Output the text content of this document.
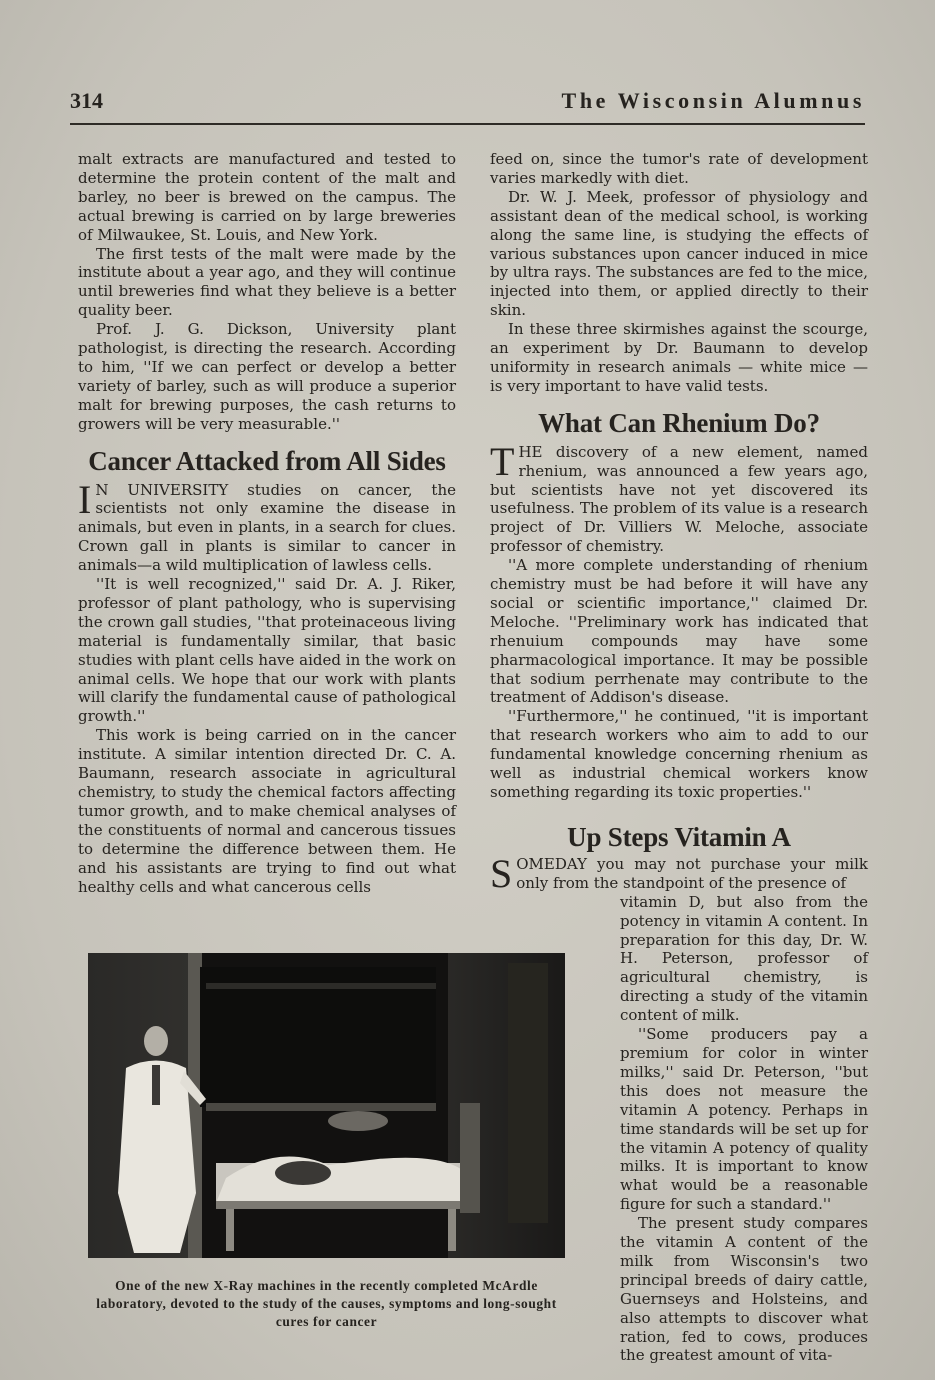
314	The Wisconsin Alumnus

malt extracts are manufactured and tested to determine the protein content of the malt and barley, no beer is brewed on the campus. The actual brewing is carried on by large breweries of Milwaukee, St. Louis, and New York.

The first tests of the malt were made by the institute about a year ago, and they will continue until breweries find what they believe is a better quality beer.

Prof. J. G. Dickson, University plant pathologist, is directing the research. According to him, ''If we can perfect or develop a better variety of barley, such as will produce a superior malt for brewing purposes, the cash returns to growers will be very measurable.''

Cancer Attacked from All Sides

I N UNIVERSITY studies on cancer, the scientists not only examine the disease in animals, but even in plants, in a search for clues. Crown gall in plants is similar to cancer in animals—a wild multiplication of lawless cells.

''It is well recognized,'' said Dr. A. J. Riker, professor of plant pathology, who is supervising the crown gall studies, ''that proteinaceous living material is fundamentally similar, that basic studies with plant cells have aided in the work on animal cells. We hope that our work with plants will clarify the fundamental cause of pathological growth.''

This work is being carried on in the cancer institute. A similar intention directed Dr. C. A. Baumann, research associate in agricultural chemistry, to study the chemical factors affecting tumor growth, and to make chemical analyses of the constituents of normal and cancerous tissues to determine the difference between them. He and his assistants are trying to find out what healthy cells and what cancerous cells

feed on, since the tumor's rate of development varies markedly with diet.

Dr. W. J. Meek, professor of physiology and assistant dean of the medical school, is working along the same line, is studying the effects of various substances upon cancer induced in mice by ultra rays. The substances are fed to the mice, injected into them, or applied directly to their skin.

In these three skirmishes against the scourge, an experiment by Dr. Baumann to develop uniformity in research animals — white mice — is very important to have valid tests.

What Can Rhenium Do?

THE discovery of a new element, named rhenium, was announced a few years ago, but scientists have not yet discovered its usefulness. The problem of its value is a research project of Dr. Villiers W. Meloche, associate professor of chemistry.

''A more complete understanding of rhenium chemistry must be had before it will have any social or scientific importance,'' claimed Dr. Meloche. ''Preliminary work has indicated that rhenuium compounds may have some pharmacological importance. It may be possible that sodium perrhenate may contribute to the treatment of Addison's disease.

''Furthermore,'' he continued, ''it is important that research workers who aim to add to our fundamental knowledge concerning rhenium as well as industrial chemical workers know something regarding its toxic properties.''

Up Steps Vitamin A

SOMEDAY you may not purchase your milk only from the standpoint of the presence of

vitamin D, but also from the potency in vitamin A content. In preparation for this day, Dr. W. H. Peterson, professor of agricultural chemistry, is directing a study of the vitamin content of milk.

''Some producers pay a premium for color in winter milks,'' said Dr. Peterson, ''but this does not measure the vitamin A potency. Perhaps in time standards will be set up for the vitamin A potency of quality milks. It is important to know what would be a reasonable figure for such a standard.''

The present study compares the vitamin A content of the milk from Wisconsin's two principal breeds of dairy cattle, Guernseys and Holsteins, and also attempts to discover what ration, fed to cows, produces the greatest amount of vita-

One of the new X-Ray machines in the recently completed McArdle laboratory, devoted to the study of the causes, symptoms and long-sought cures for cancer
